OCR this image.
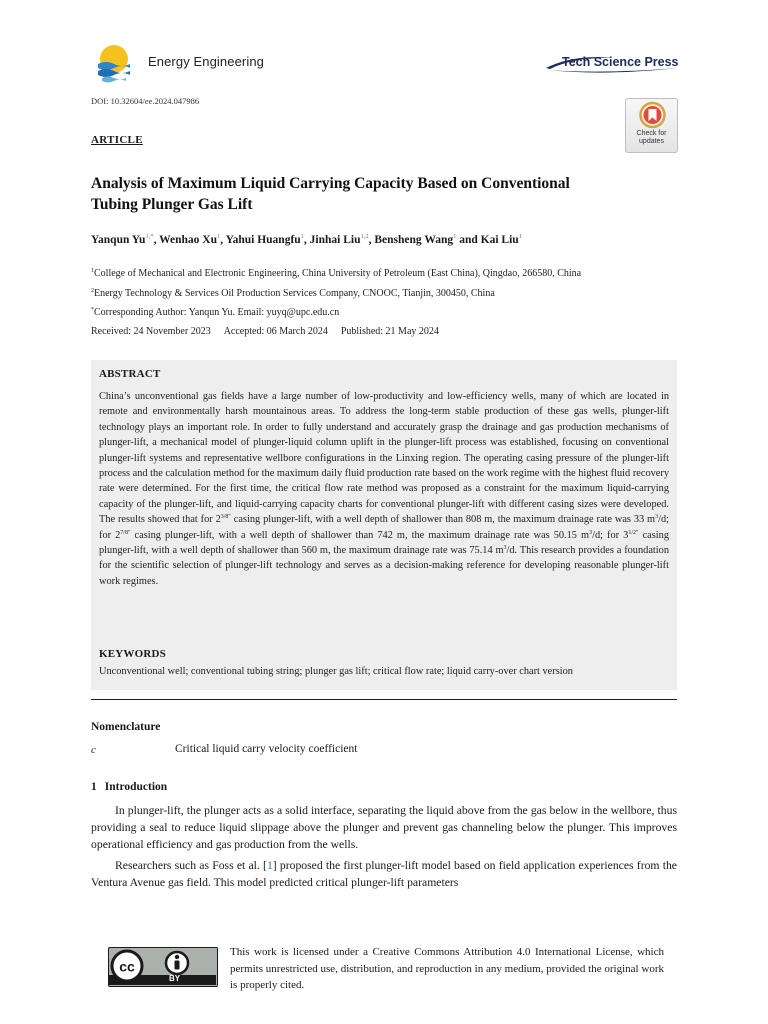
Energy Engineering	Tech Science Press
DOI: 10.32604/ee.2024.047986
Check for
updates
ARTICLE
Analysis of Maximum Liquid Carrying Capacity Based on Conventional
Tubing Plunger Gas Lift
Yanqun $Yu^{1,*}$, Wenhao Xu$^1$, Yahui Huangfu$^1$, Jinhai Liu$^{1,2}$, Bensheng Wang$^1$ and Kai Liu$^1$
$^1$College of Mechanical and Electronic Engineering, China University of Petroleum (East China), Qingdao, 266580, China
$^2$Energy Technology & Services Oil Production Services Company, CNOOC, Tianjin, 300450, China
*Corresponding Author: Yanqun Yu. Email: yuyq@upc.edu.cn
Received: 24 November 2023 Accepted: 06 March 2024 Published: 21 May 2024
ABSTRACT
China’s unconventional gas fields have a large number of low-productivity and low-efficiency wells, many of which are located in remote and environmentally harsh mountainous areas. To address the long-term stable production of these gas wells, plunger-lift technology plays an important role. In order to fully understand and accurately grasp the drainage and gas production mechanisms of plunger-lift, a mechanical model of plunger-liquid column uplift in the plunger-lift process was established, focusing on conventional plunger-lift systems and representative wellbore configurations in the Linxing region. The operating casing pressure of the plunger-lift process and the calculation method for the maximum daily fluid production rate based on the work regime with the highest fluid recovery rate were determined. For the first time, the critical flow rate method was proposed as a constraint for the maximum liquid-carrying capacity of the plunger-lift, and liquid-carrying capacity charts for conventional plunger-lift with different casing sizes were developed. The results showed that for $2^{3/8''}$ casing plunger-lift, with a well depth of shallower than 808 m, the maximum drainage rate was 33 $m^3/d$; for $2^{7/8''}$ casing plunger-lift, with a well depth of shallower than 742 m, the maximum drainage rate was 50.15 $m^3/d$; for $3^{1/2''}$ casing plunger-lift, with a well depth of shallower than 560 m, the maximum drainage rate was 75.14 $m^3/d$. This research provides a foundation for the scientific selection of plunger-lift technology and serves as a decision-making reference for developing reasonable plunger-lift work regimes.
KEYWORDS
Unconventional well; conventional tubing string; plunger gas lift; critical flow rate; liquid carry-over chart version
Nomenclature
c	Critical liquid carry velocity coefficient
1 Introduction
In plunger-lift, the plunger acts as a solid interface, separating the liquid above from the gas below in the wellbore, thus providing a seal to reduce liquid slippage above the plunger and prevent gas channeling below the plunger. This improves operational efficiency and gas production from the wells.
Researchers such as Foss et al. [1] proposed the first plunger-lift model based on field application experiences from the Ventura Avenue gas field. This model predicted critical plunger-lift parameters
cc
BY
This work is licensed under a Creative Commons Attribution 4.0 International License, which permits unrestricted use, distribution, and reproduction in any medium, provided the original work is properly cited.
